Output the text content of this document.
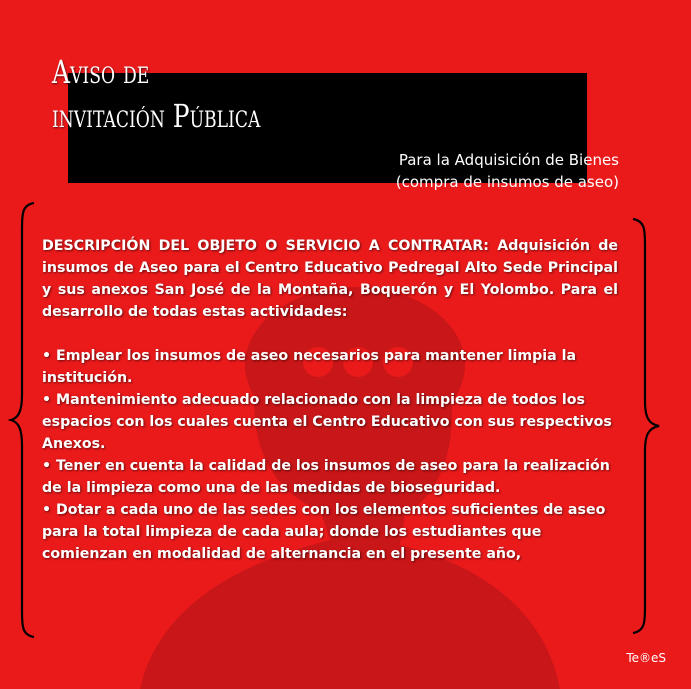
Aviso de
invitación Pública
Para la Adquisición de Bienes
(compra de insumos de aseo)

DESCRIPCIÓN DEL OBJETO O SERVICIO A CONTRATAR: Adquisición de insumos de Aseo para el Centro Educativo Pedregal Alto Sede Principal y sus anexos San José de la Montaña, Boquerón y El Yolombo. Para el desarrollo de todas estas actividades:

• Emplear los insumos de aseo necesarios para mantener limpia la institución.

• Mantenimiento adecuado relacionado con la limpieza de todos los espacios con los cuales cuenta el Centro Educativo con sus respectivos Anexos.

• Tener en cuenta la calidad de los insumos de aseo para la realización de la limpieza como una de las medidas de bioseguridad.

• Dotar a cada uno de las sedes con los elementos suficientes de aseo para la total limpieza de cada aula; donde los estudiantes que comienzan en modalidad de alternancia en el presente año,

Te®eS
